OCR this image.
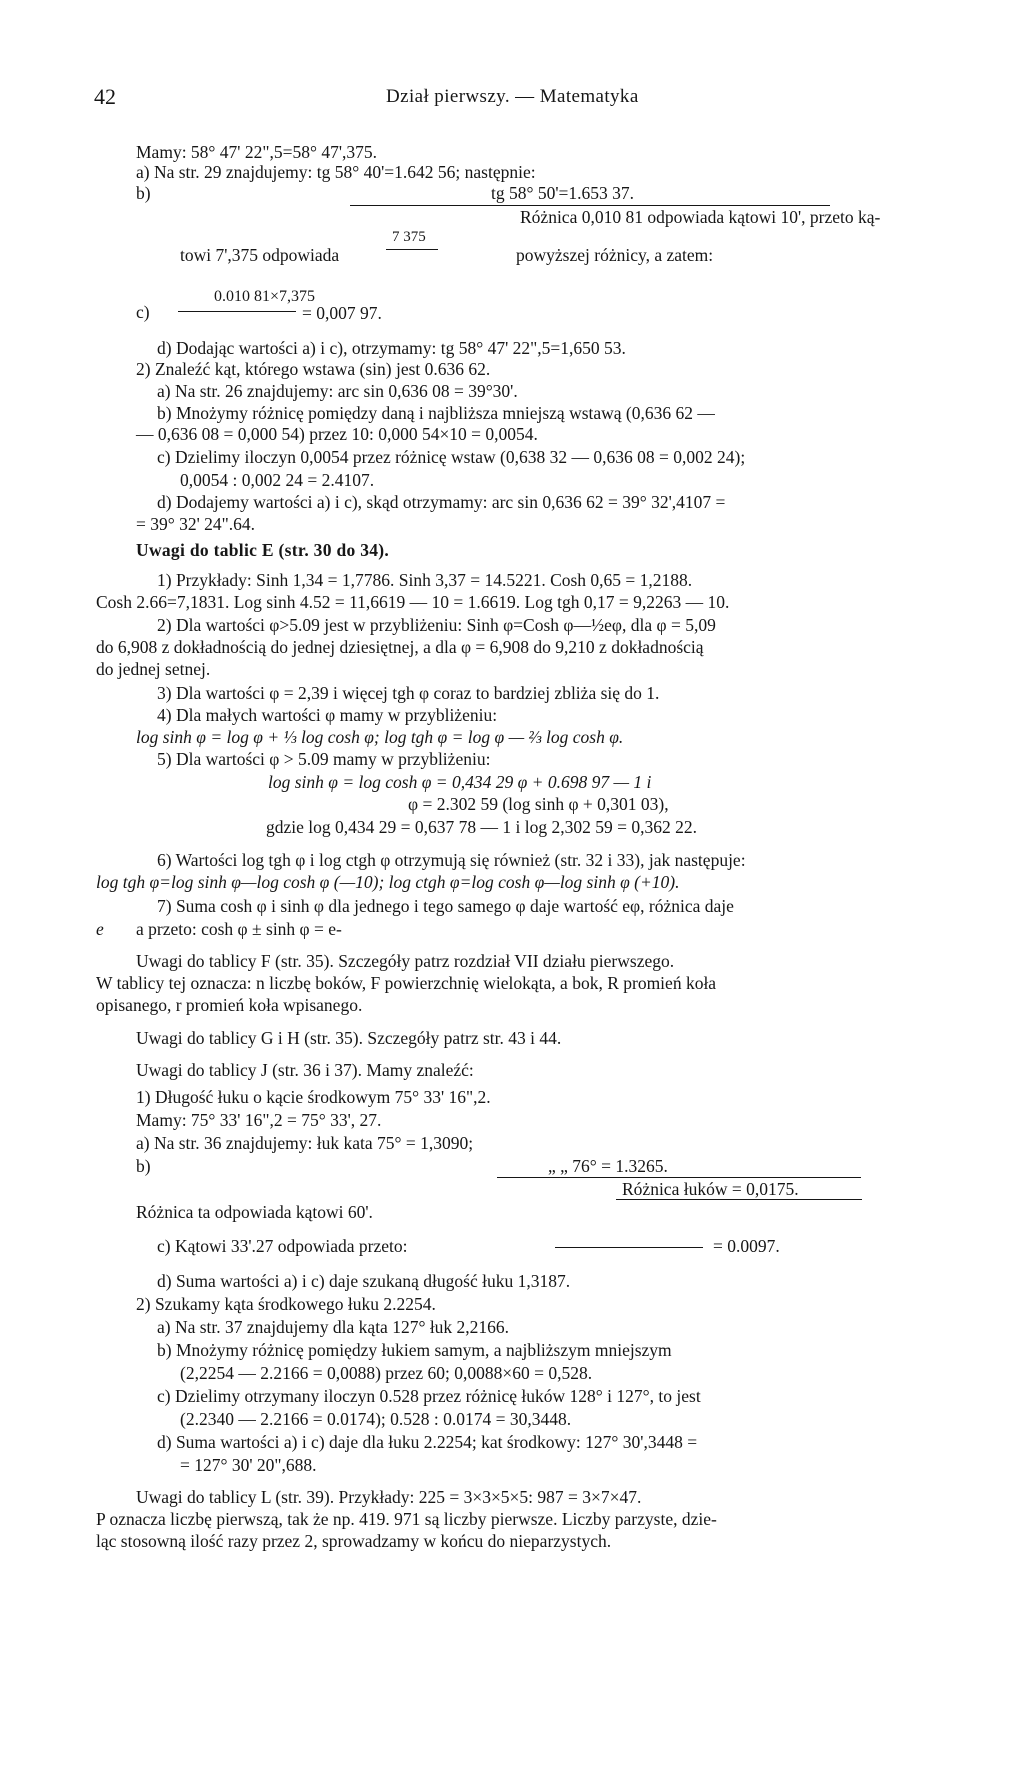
42	Dział pierwszy. — Matematyka
Mamy: 58° 47' 22",5=58° 47',375.
a) Na str. 29 znajdujemy: tg 58° 40'=1.642 56; następnie:
b)	tg 58° 50'=1.653 37.
Różnica 0,010 81 odpowiada kątowi 10', przeto ką-
7 375
towi 7',375 odpowiada	powyższej różnicy, a zatem:
0.010 81×7,375
c)	= 0,007 97.
d) Dodając wartości a) i c), otrzymamy: tg 58° 47' 22",5=1,650 53.
2) Znaleźć kąt, którego wstawa (sin) jest 0.636 62.
a) Na str. 26 znajdujemy: arc sin 0,636 08 = 39°30'.
b) Mnożymy różnicę pomiędzy daną i najbliższa mniejszą wstawą (0,636 62 —
— 0,636 08 = 0,000 54) przez 10: 0,000 54×10 = 0,0054.
c) Dzielimy iloczyn 0,0054 przez różnicę wstaw (0,638 32 — 0,636 08 = 0,002 24);
0,0054 : 0,002 24 = 2.4107.
d) Dodajemy wartości a) i c), skąd otrzymamy: arc sin 0,636 62 = 39° 32',4107 =
= 39° 32' 24".64.
Uwagi do tablic E (str. 30 do 34).
1) Przykłady: Sinh 1,34 = 1,7786. Sinh 3,37 = 14.5221. Cosh 0,65 = 1,2188.
Cosh 2.66=7,1831. Log sinh 4.52 = 11,6619 — 10 = 1.6619. Log tgh 0,17 = 9,2263 — 10.
2) Dla wartości φ>5.09 jest w przybliżeniu: Sinh φ=Cosh φ—½eφ, dla φ = 5,09
do 6,908 z dokładnością do jednej dziesiętnej, a dla φ = 6,908 do 9,210 z dokładnością
do jednej setnej.
3) Dla wartości φ = 2,39 i więcej tgh φ coraz to bardziej zbliża się do 1.
4) Dla małych wartości φ mamy w przybliżeniu:
log sinh φ = log φ + ⅓ log cosh φ; log tgh φ = log φ — ⅔ log cosh φ.
5) Dla wartości φ > 5.09 mamy w przybliżeniu:
log sinh φ = log cosh φ = 0,434 29 φ + 0.698 97 — 1 i
φ = 2.302 59 (log sinh φ + 0,301 03),
gdzie log 0,434 29 = 0,637 78 — 1 i log 2,302 59 = 0,362 22.
6) Wartości log tgh φ i log ctgh φ otrzymują się również (str. 32 i 33), jak następuje:
log tgh φ=log sinh φ—log cosh φ (—10); log ctgh φ=log cosh φ—log sinh φ (+10).
7) Suma cosh φ i sinh φ dla jednego i tego samego φ daje wartość eφ, różnica daje
e a przeto: cosh φ ± sinh φ = e-
Uwagi do tablicy F (str. 35). Szczegóły patrz rozdział VII działu pierwszego.
W tablicy tej oznacza: n liczbę boków, F powierzchnię wielokąta, a bok, R promień koła
opisanego, r promień koła wpisanego.
Uwagi do tablicy G i H (str. 35). Szczegóły patrz str. 43 i 44.
Uwagi do tablicy J (str. 36 i 37). Mamy znaleźć:
1) Długość łuku o kącie środkowym 75° 33' 16",2.
Mamy: 75° 33' 16",2 = 75° 33', 27.
a) Na str. 36 znajdujemy: łuk kata 75° = 1,3090;
b)	„ „ 76° = 1.3265.
Różnica łuków = 0,0175.
Różnica ta odpowiada kątowi 60'.
c) Kątowi 33'.27 odpowiada przeto:	= 0.0097.
d) Suma wartości a) i c) daje szukaną długość łuku 1,3187.
2) Szukamy kąta środkowego łuku 2.2254.
a) Na str. 37 znajdujemy dla kąta 127° łuk 2,2166.
b) Mnożymy różnicę pomiędzy łukiem samym, a najbliższym mniejszym
(2,2254 — 2.2166 = 0,0088) przez 60; 0,0088×60 = 0,528.
c) Dzielimy otrzymany iloczyn 0.528 przez różnicę łuków 128° i 127°, to jest
(2.2340 — 2.2166 = 0.0174); 0.528 : 0.0174 = 30,3448.
d) Suma wartości a) i c) daje dla łuku 2.2254; kat środkowy: 127° 30',3448 =
= 127° 30' 20",688.
Uwagi do tablicy L (str. 39). Przykłady: 225 = 3×3×5×5: 987 = 3×7×47.
P oznacza liczbę pierwszą, tak że np. 419. 971 są liczby pierwsze. Liczby parzyste, dzie-
ląc stosowną ilość razy przez 2, sprowadzamy w końcu do nieparzystych.
